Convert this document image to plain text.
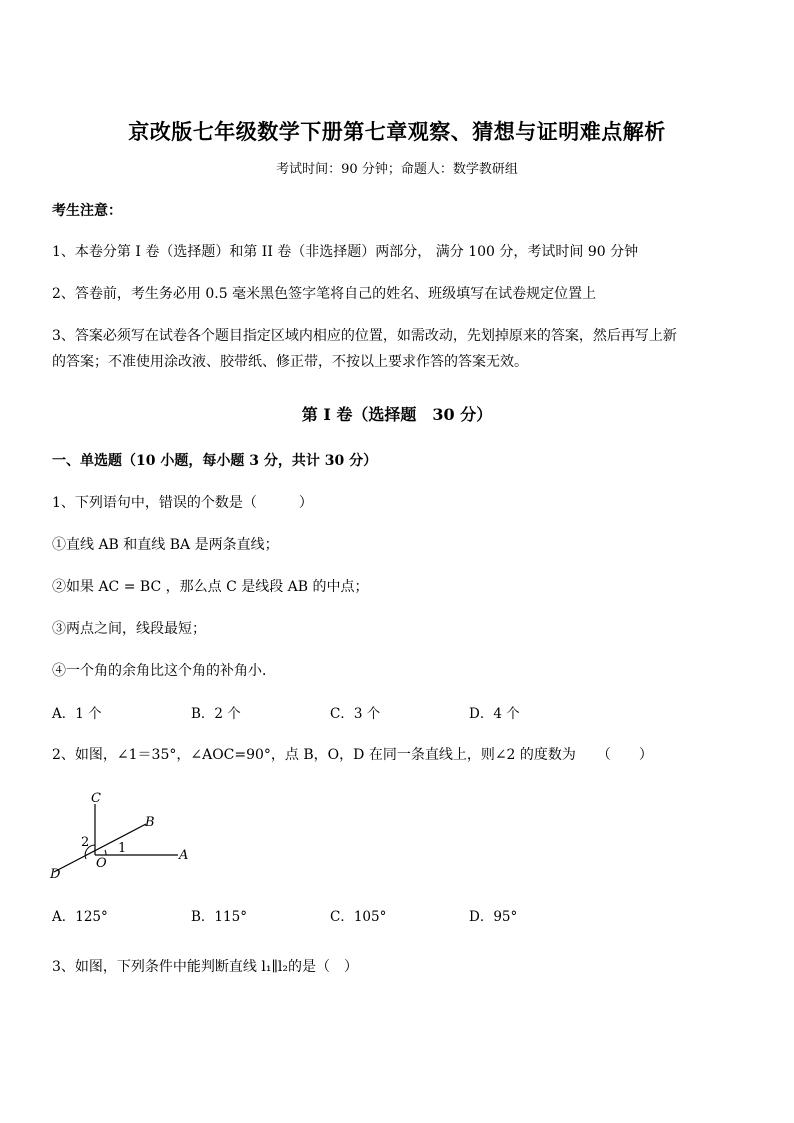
京改版七年级数学下册第七章观察、猜想与证明难点解析
考试时间：90 分钟；命题人：数学教研组
考生注意：
1、本卷分第 I 卷（选择题）和第 II 卷（非选择题）两部分， 满分 100 分，考试时间 90 分钟
2、答卷前，考生务必用 0.5 毫米黑色签字笔将自己的姓名、班级填写在试卷规定位置上
3、答案必须写在试卷各个题目指定区域内相应的位置，如需改动，先划掉原来的答案，然后再写上新
的答案；不准使用涂改液、胶带纸、修正带，不按以上要求作答的答案无效。
第 I 卷（选择题　30 分）
一、单选题（10 小题，每小题 3 分，共计 30 分）
1、下列语句中，错误的个数是（　　　）
①直线 AB 和直线 BA 是两条直线；
②如果 AC = BC ，那么点 C 是线段 AB 的中点；
③两点之间，线段最短；
④一个角的余角比这个角的补角小．
A．1 个	B．2 个	C．3 个	D．4 个
2、如图，∠1＝35°，∠AOC=90°，点 B，O，D 在同一条直线上，则∠2 的度数为　　（　　）
C
B
A
O
D
1
2
A．125°	B．115°	C．105°	D．95°
3、如图，下列条件中能判断直线 l₁∥l₂的是（　）
